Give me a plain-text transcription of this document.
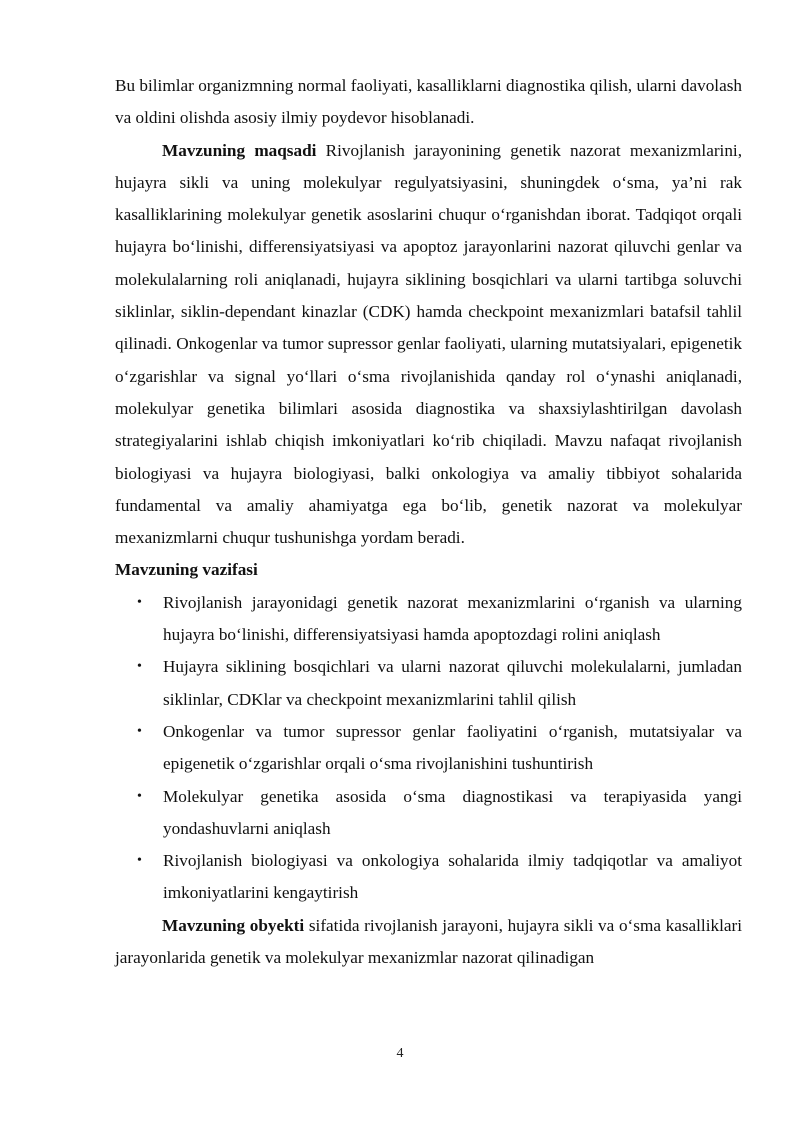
Bu bilimlar organizmning normal faoliyati, kasalliklarni diagnostika qilish, ularni davolash va oldini olishda asosiy ilmiy poydevor hisoblanadi.

Mavzuning maqsadi Rivojlanish jarayonining genetik nazorat mexanizmlarini, hujayra sikli va uning molekulyar regulyatsiyasini, shuningdek o‘sma, ya’ni rak kasalliklarining molekulyar genetik asoslarini chuqur o‘rganishdan iborat. Tadqiqot orqali hujayra bo‘linishi, differensiyatsiyasi va apoptoz jarayonlarini nazorat qiluvchi genlar va molekulalarning roli aniqlanadi, hujayra siklining bosqichlari va ularni tartibga soluvchi siklinlar, siklin-dependant kinazlar (CDK) hamda checkpoint mexanizmlari batafsil tahlil qilinadi. Onkogenlar va tumor supressor genlar faoliyati, ularning mutatsiyalari, epigenetik o‘zgarishlar va signal yo‘llari o‘sma rivojlanishida qanday rol o‘ynashi aniqlanadi, molekulyar genetika bilimlari asosida diagnostika va shaxsiylashtirilgan davolash strategiyalarini ishlab chiqish imkoniyatlari ko‘rib chiqiladi. Mavzu nafaqat rivojlanish biologiyasi va hujayra biologiyasi, balki onkologiya va amaliy tibbiyot sohalarida fundamental va amaliy ahamiyatga ega bo‘lib, genetik nazorat va molekulyar mexanizmlarni chuqur tushunishga yordam beradi.

Mavzuning vazifasi

• Rivojlanish jarayonidagi genetik nazorat mexanizmlarini o‘rganish va ularning hujayra bo‘linishi, differensiyatsiyasi hamda apoptozdagi rolini aniqlash
• Hujayra siklining bosqichlari va ularni nazorat qiluvchi molekulalarni, jumladan siklinlar, CDKlar va checkpoint mexanizmlarini tahlil qilish
• Onkogenlar va tumor supressor genlar faoliyatini o‘rganish, mutatsiyalar va epigenetik o‘zgarishlar orqali o‘sma rivojlanishini tushuntirish
• Molekulyar genetika asosida o‘sma diagnostikasi va terapiyasida yangi yondashuvlarni aniqlash
• Rivojlanish biologiyasi va onkologiya sohalarida ilmiy tadqiqotlar va amaliyot imkoniyatlarini kengaytirish

Mavzuning obyekti sifatida rivojlanish jarayoni, hujayra sikli va o‘sma kasalliklari jarayonlarida genetik va molekulyar mexanizmlar nazorat qilinadigan

4
